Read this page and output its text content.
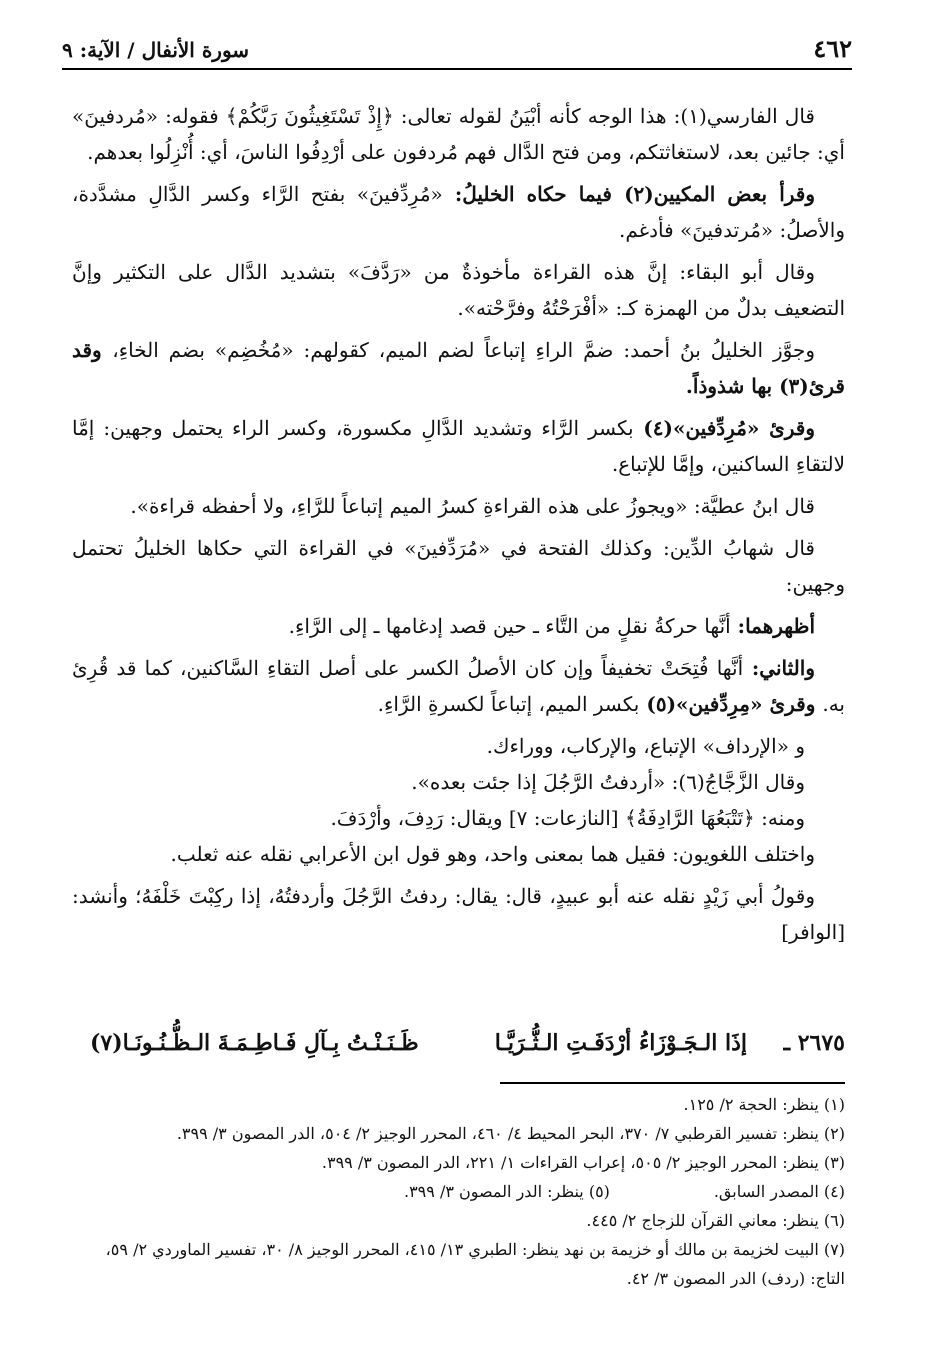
٤٦٢
سورة الأنفال / الآية: ٩

قال الفارسي(١): هذا الوجه كأنه أبْيَنُ لقوله تعالى: ﴿إِذْ تَسْتَغِيثُونَ رَبَّكُمْ﴾ فقوله: «مُردفينَ» أي: جائين بعد، لاستغاثتكم، ومن فتح الدَّال فهم مُردفون على أرْدِفُوا الناسَ، أي: أُنْزِلُوا بعدهم.

وقرأ بعض المكيين(٢) فيما حكاه الخليلُ: «مُرِدِّفينَ» بفتح الرَّاء وكسر الدَّالِ مشدَّدة، والأصلُ: «مُرتدفينَ» فأدغم.

وقال أبو البقاء: إنَّ هذه القراءة مأخوذةٌ من «رَدَّفَ» بتشديد الدَّال على التكثير وإنَّ التضعيف بدلٌ من الهمزة كـ: «أفْرَحْتُهُ وفرَّحْته».

وجوَّز الخليلُ بنُ أحمد: ضمَّ الراءِ إتباعاً لضم الميم، كقولهم: «مُخُضِم» بضم الخاءِ، وقد قرئ(٣) بها شذوذاً.

وقرئ «مُرِدِّفين»(٤) بكسر الرَّاء وتشديد الدَّالِ مكسورة، وكسر الراء يحتمل وجهين: إمَّا لالتقاءِ الساكنين، وإمَّا للإتباع.

قال ابنُ عطيَّة: «ويجوزُ على هذه القراءةِ كسرُ الميم إتباعاً للرَّاءِ، ولا أحفظه قراءة».

قال شهابُ الدِّين: وكذلك الفتحة في «مُرَدِّفينَ» في القراءة التي حكاها الخليلُ تحتمل وجهين:

أظهرهما: أنَّها حركةُ نقلٍ من التَّاء ـ حين قصد إدغامها ـ إلى الرَّاءِ.

والثاني: أنَّها فُتِحَتْ تخفيفاً وإن كان الأصلُ الكسر على أصل التقاءِ السَّاكنين، كما قد قُرِئ به. وقرئ «مِرِدِّفين»(٥) بكسر الميم، إتباعاً لكسرةِ الرَّاءِ.

و «الإرداف» الإتباع، والإركاب، ووراءك.

وقال الزَّجَّاجُ(٦): «أردفتُ الرَّجُلَ إذا جئت بعده».

ومنه: ﴿تَتْبَعُهَا الرَّادِفَةُ﴾ [النازعات: ٧] ويقال: رَدِفَ، وأرْدَفَ.

واختلف اللغويون: فقيل هما بمعنى واحد، وهو قول ابن الأعرابي نقله عنه ثعلب.

وقولُ أبي زَيْدٍ نقله عنه أبو عبيدٍ، قال: يقال: ردفتُ الرَّجُلَ وأردفتُهُ، إذا ركِبْتَ خَلْفَهُ؛ وأنشد: [الوافر]

٢٦٧٥ ـ
إذَا الـجَـوْزَاءُ أرْدَفَـتِ الـثُّـرَيَّـا
ظَـنَـنْـتُ بِـآلِ فَـاطِـمَـةَ الـظُّـنُـونَـا(٧)
(١) ينظر: الحجة ٢/ ١٢٥.
(٢) ينظر: تفسير القرطبي ٧/ ٣٧٠، البحر المحيط ٤/ ٤٦٠، المحرر الوجيز ٢/ ٥٠٤، الدر المصون ٣/ ٣٩٩.
(٣) ينظر: المحرر الوجيز ٢/ ٥٠٥، إعراب القراءات ١/ ٢٢١، الدر المصون ٣/ ٣٩٩.
(٤) المصدر السابق. (٥) ينظر: الدر المصون ٣/ ٣٩٩.
(٦) ينظر: معاني القرآن للزجاج ٢/ ٤٤٥.
(٧) البيت لخزيمة بن مالك أو خزيمة بن نهد ينظر: الطبري ١٣/ ٤١٥، المحرر الوجيز ٨/ ٣٠، تفسير الماوردي ٢/ ٥٩، التاج: (ردف) الدر المصون ٣/ ٤٢.
